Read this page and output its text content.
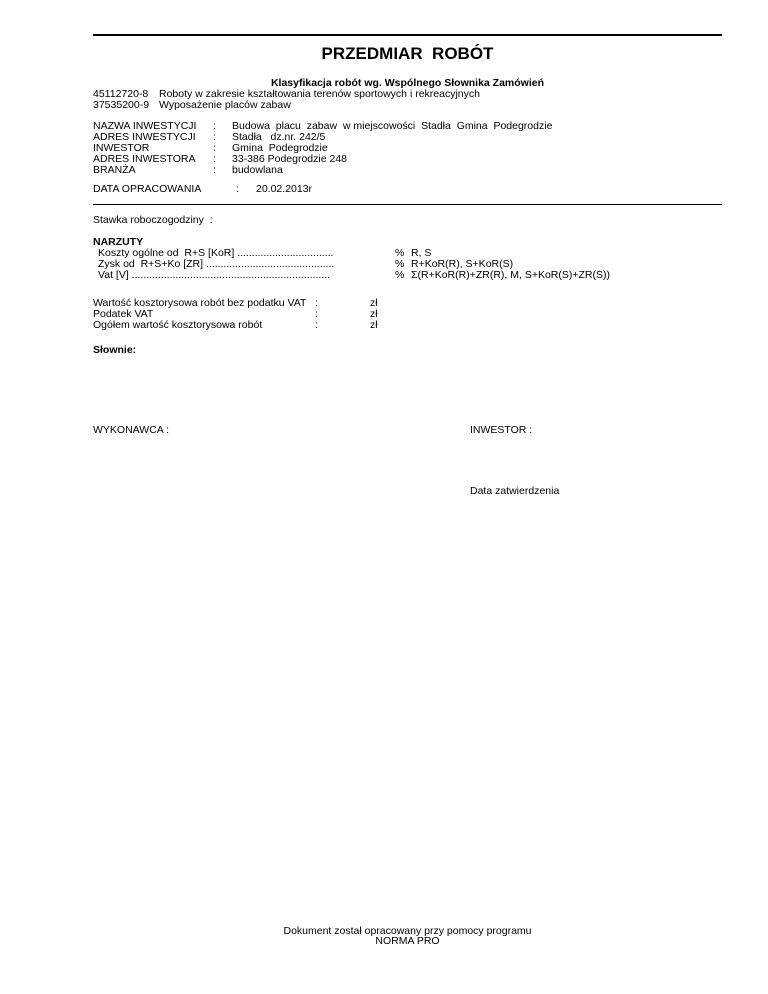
PRZEDMIAR  ROBÓT
Klasyfikacja robót wg. Wspólnego Słownika Zamówień
45112720-8 Roboty w zakresie kształtowania terenów sportowych i rekreacyjnych
37535200-9 Wyposażenie placów zabaw
NAZWA INWESTYCJI : Budowa  placu  zabaw  w miejscowości  Stadła  Gmina  Podegrodzie
ADRES INWESTYCJI : Stadła   dz.nr. 242/5
INWESTOR	: Gmina  Podegrodzie
ADRES INWESTORA : 33-386 Podegrodzie 248
BRANŻA	: budowlana
DATA OPRACOWANIA	: 20.02.2013r
Stawka roboczogodziny  :
NARZUTY
Koszty ogólne od  R+S [KoR] .................................	% R, S
Zysk od  R+S+Ko [ZR] ............................................	% R+KoR(R), S+KoR(S)
Vat [V] ....................................................................	% Σ(R+KoR(R)+ZR(R), M, S+KoR(S)+ZR(S))
Wartość kosztorysowa robót bez podatku VAT :	zł
Podatek VAT	:	zł
Ogółem wartość kosztorysowa robót	:	zł
Słownie:
WYKONAWCA :	INWESTOR :
Data zatwierdzenia
Dokument został opracowany przy pomocy programu
NORMA PRO
